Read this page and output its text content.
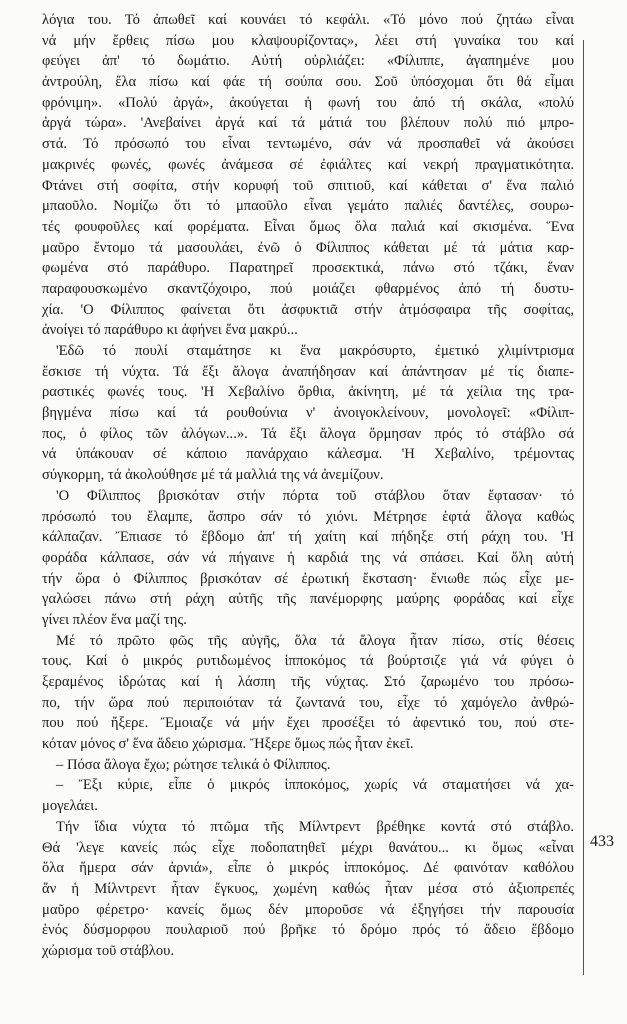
λόγια του. Τό ἀπωθεῖ καί κουνάει τό κεφάλι. «Τό μόνο πού ζητάω εἶναι
νά μήν ἔρθεις πίσω μου κλαψουρίζοντας», λέει στή γυναίκα του καί
φεύγει ἀπ' τό δωμάτιο. Αὐτή οὐρλιάζει: «Φίλιππε, ἀγαπημένε μου
ἀντρούλη, ἔλα πίσω καί φάε τή σούπα σου. Σοῦ ὑπόσχομαι ὅτι θά εἶμαι
φρόνιμη». «Πολύ ἀργά», ἀκούγεται ἡ φωνή του ἀπό τή σκάλα, «πολύ
ἀργά τώρα». 'Ανεβαίνει ἀργά καί τά μάτιά του βλέπουν πολύ πιό μπρο-
στά. Τό πρόσωπό του εἶναι τεντωμένο, σάν νά προσπαθεῖ νά ἀκούσει
μακρινές φωνές, φωνές ἀνάμεσα σέ ἐφιάλτες καί νεκρή πραγματικότητα.
Φτάνει στή σοφίτα, στήν κορυφή τοῦ σπιτιοῦ, καί κάθεται σ' ἕνα παλιό
μπαοῦλο. Νομίζω ὅτι τό μπαοῦλο εἶναι γεμάτο παλιές δαντέλες, σουρω-
τές φουφοῦλες καί φορέματα. Εἶναι ὅμως ὅλα παλιά καί σκισμένα. Ἕνα
μαῦρο ἔντομο τά μασουλάει, ἐνῶ ὁ Φίλιππος κάθεται μέ τά μάτια καρ-
φωμένα στό παράθυρο. Παρατηρεῖ προσεκτικά, πάνω στό τζάκι, ἕναν
παραφουσκωμένο σκαντζόχοιρο, πού μοιάζει φθαρμένος ἀπό τή δυστυ-
χία. 'Ο Φίλιππος φαίνεται ὅτι ἀσφυκτιᾶ στήν ἀτμόσφαιρα τῆς σοφίτας,
ἀνοίγει τό παράθυρο κι ἀφήνει ἕνα μακρύ...
'Εδῶ τό πουλί σταμάτησε κι ἕνα μακρόσυρτο, ἐμετικό χλιμίντρισμα
ἔσκισε τή νύχτα. Τά ἔξι ἄλογα ἀναπήδησαν καί ἀπάντησαν μέ τίς διαπε-
ραστικές φωνές τους. 'Η Χεβαλίνο ὄρθια, ἀκίνητη, μέ τά χείλια της τρα-
βηγμένα πίσω καί τά ρουθούνια ν' ἀνοιγοκλείνουν, μονολογεῖ: «Φίλιπ-
πος, ὁ φίλος τῶν ἀλόγων...». Τά ἔξι ἄλογα ὅρμησαν πρός τό στάβλο σά
νά ὑπάκουαν σέ κάποιο πανάρχαιο κάλεσμα. 'Η Χεβαλίνο, τρέμοντας
σύγκορμη, τά ἀκολούθησε μέ τά μαλλιά της νά ἀνεμίζουν.
'Ο Φίλιππος βρισκόταν στήν πόρτα τοῦ στάβλου ὅταν ἔφτασαν· τό
πρόσωπό του ἔλαμπε, ἄσπρο σάν τό χιόνι. Μέτρησε ἑφτά ἄλογα καθώς
κάλπαζαν. Ἔπιασε τό ἕβδομο ἀπ' τή χαίτη καί πήδηξε στή ράχη του. 'Η
φοράδα κάλπασε, σάν νά πήγαινε ἡ καρδιά της νά σπάσει. Καί ὅλη αὐτή
τήν ὥρα ὁ Φίλιππος βρισκόταν σέ ἐρωτική ἔκσταση· ἔνιωθε πώς εἶχε με-
γαλώσει πάνω στή ράχη αὐτῆς τῆς πανέμορφης μαύρης φοράδας καί εἶχε
γίνει πλέον ἕνα μαζί της.
Μέ τό πρῶτο φῶς τῆς αὐγῆς, ὅλα τά ἄλογα ἦταν πίσω, στίς θέσεις
τους. Καί ὁ μικρός ρυτιδωμένος ἱπποκόμος τά βούρτσιζε γιά νά φύγει ὁ
ξεραμένος ἱδρώτας καί ἡ λάσπη τῆς νύχτας. Στό ζαρωμένο του πρόσω-
πο, τήν ὥρα πού περιποιόταν τά ζωντανά του, εἶχε τό χαμόγελο ἀνθρώ-
που πού ἤξερε. Ἔμοιαζε νά μήν ἔχει προσέξει τό ἀφεντικό του, πού στε-
κόταν μόνος σ' ἕνα ἄδειο χώρισμα. Ἤξερε ὅμως πώς ἦταν ἐκεῖ.
– Πόσα ἄλογα ἔχω; ρώτησε τελικά ὁ Φίλιππος.
– Ἔξι κύριε, εἶπε ὁ μικρός ἱπποκόμος, χωρίς νά σταματήσει νά χα-
μογελάει.
Τήν ἴδια νύχτα τό πτῶμα τῆς Μίλντρεντ βρέθηκε κοντά στό στάβλο.
Θά 'λεγε κανείς πώς εἶχε ποδοπατηθεῖ μέχρι θανάτου... κι ὅμως «εἶναι
ὅλα ἥμερα σάν ἀρνιά», εἶπε ὁ μικρός ἱπποκόμος. Δέ φαινόταν καθόλου
ἄν ἡ Μίλντρεντ ἦταν ἔγκυος, χωμένη καθώς ἦταν μέσα στό ἀξιοπρεπές
μαῦρο φέρετρο· κανείς ὅμως δέν μποροῦσε νά ἐξηγήσει τήν παρουσία
ἑνός δύσμορφου πουλαριοῦ πού βρῆκε τό δρόμο πρός τό ἄδειο ἕβδομο
χώρισμα τοῦ στάβλου.
433
